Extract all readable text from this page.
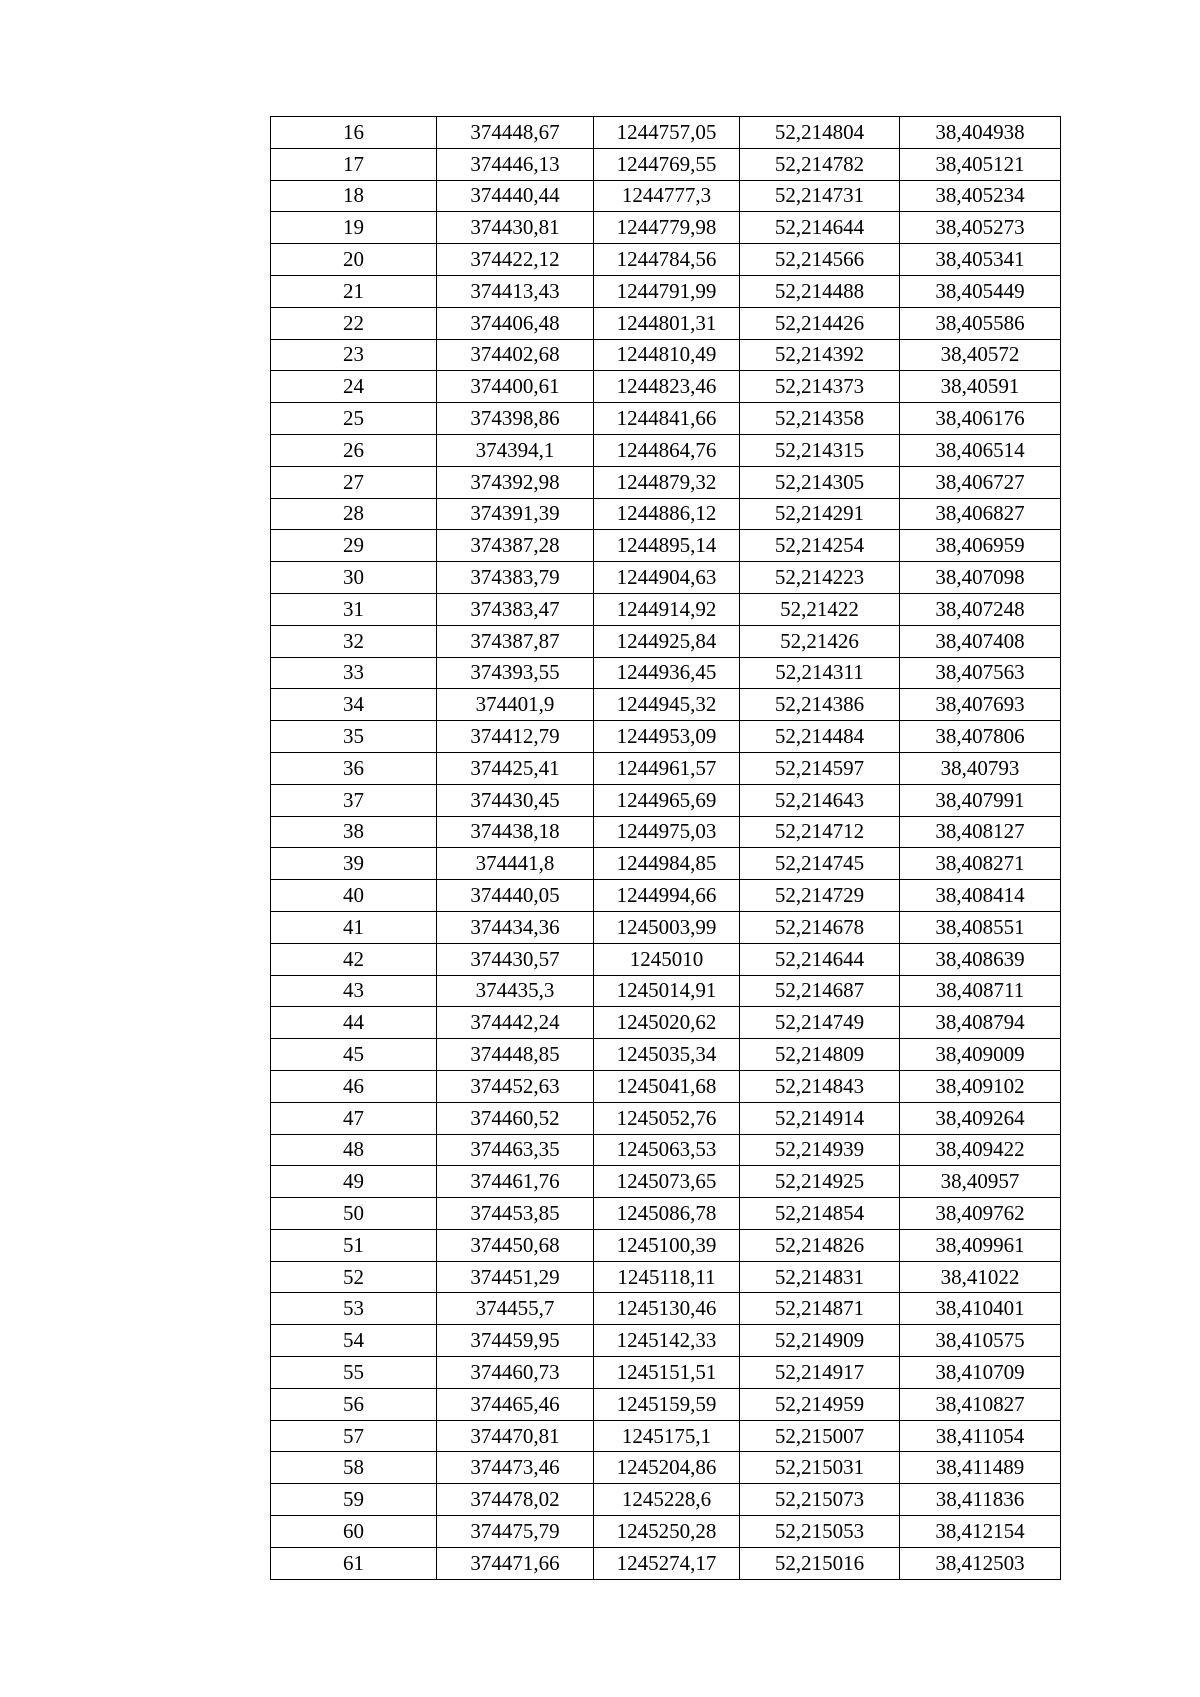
16	374448,67	1244757,05	52,214804	38,404938
17	374446,13	1244769,55	52,214782	38,405121
18	374440,44	1244777,3	52,214731	38,405234
19	374430,81	1244779,98	52,214644	38,405273
20	374422,12	1244784,56	52,214566	38,405341
21	374413,43	1244791,99	52,214488	38,405449
22	374406,48	1244801,31	52,214426	38,405586
23	374402,68	1244810,49	52,214392	38,40572
24	374400,61	1244823,46	52,214373	38,40591
25	374398,86	1244841,66	52,214358	38,406176
26	374394,1	1244864,76	52,214315	38,406514
27	374392,98	1244879,32	52,214305	38,406727
28	374391,39	1244886,12	52,214291	38,406827
29	374387,28	1244895,14	52,214254	38,406959
30	374383,79	1244904,63	52,214223	38,407098
31	374383,47	1244914,92	52,21422	38,407248
32	374387,87	1244925,84	52,21426	38,407408
33	374393,55	1244936,45	52,214311	38,407563
34	374401,9	1244945,32	52,214386	38,407693
35	374412,79	1244953,09	52,214484	38,407806
36	374425,41	1244961,57	52,214597	38,40793
37	374430,45	1244965,69	52,214643	38,407991
38	374438,18	1244975,03	52,214712	38,408127
39	374441,8	1244984,85	52,214745	38,408271
40	374440,05	1244994,66	52,214729	38,408414
41	374434,36	1245003,99	52,214678	38,408551
42	374430,57	1245010	52,214644	38,408639
43	374435,3	1245014,91	52,214687	38,408711
44	374442,24	1245020,62	52,214749	38,408794
45	374448,85	1245035,34	52,214809	38,409009
46	374452,63	1245041,68	52,214843	38,409102
47	374460,52	1245052,76	52,214914	38,409264
48	374463,35	1245063,53	52,214939	38,409422
49	374461,76	1245073,65	52,214925	38,40957
50	374453,85	1245086,78	52,214854	38,409762
51	374450,68	1245100,39	52,214826	38,409961
52	374451,29	1245118,11	52,214831	38,41022
53	374455,7	1245130,46	52,214871	38,410401
54	374459,95	1245142,33	52,214909	38,410575
55	374460,73	1245151,51	52,214917	38,410709
56	374465,46	1245159,59	52,214959	38,410827
57	374470,81	1245175,1	52,215007	38,411054
58	374473,46	1245204,86	52,215031	38,411489
59	374478,02	1245228,6	52,215073	38,411836
60	374475,79	1245250,28	52,215053	38,412154
61	374471,66	1245274,17	52,215016	38,412503
